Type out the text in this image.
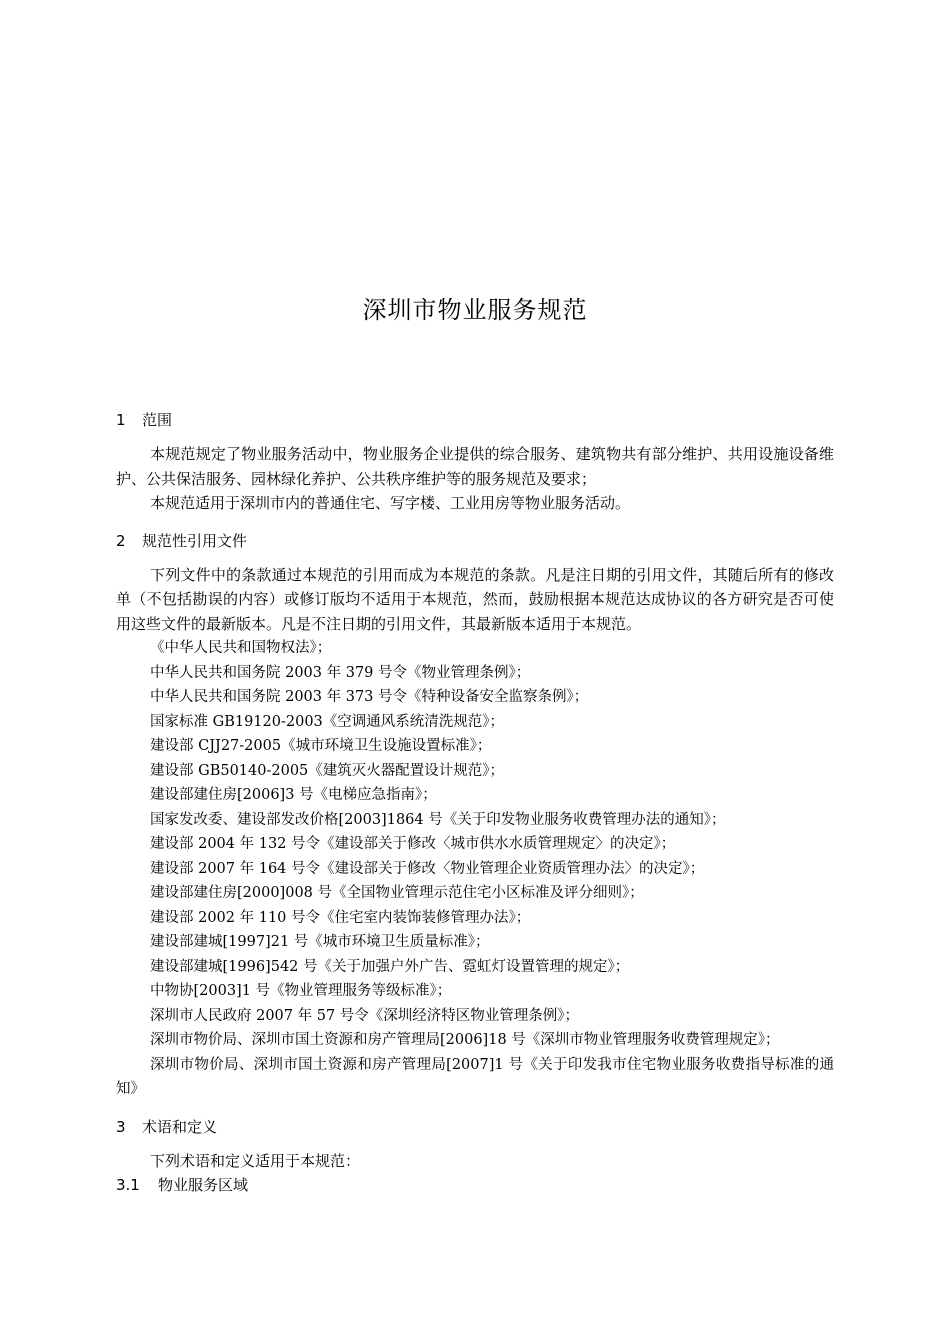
深圳市物业服务规范
1 范围

本规范规定了物业服务活动中，物业服务企业提供的综合服务、建筑物共有部分维护、共用设施设备维护、公共保洁服务、园林绿化养护、公共秩序维护等的服务规范及要求；

本规范适用于深圳市内的普通住宅、写字楼、工业用房等物业服务活动。

2 规范性引用文件

下列文件中的条款通过本规范的引用而成为本规范的条款。凡是注日期的引用文件，其随后所有的修改单（不包括勘误的内容）或修订版均不适用于本规范，然而，鼓励根据本规范达成协议的各方研究是否可使用这些文件的最新版本。凡是不注日期的引用文件，其最新版本适用于本规范。

《中华人民共和国物权法》；

中华人民共和国务院 2003 年 379 号令《物业管理条例》；

中华人民共和国务院 2003 年 373 号令《特种设备安全监察条例》；

国家标准 GB19120-2003《空调通风系统清洗规范》；

建设部 CJJ27-2005《城市环境卫生设施设置标准》；

建设部 GB50140-2005《建筑灭火器配置设计规范》；

建设部建住房[2006]3 号《电梯应急指南》；

国家发改委、建设部发改价格[2003]1864 号《关于印发物业服务收费管理办法的通知》；

建设部 2004 年 132 号令《建设部关于修改〈城市供水水质管理规定〉的决定》；

建设部 2007 年 164 号令《建设部关于修改〈物业管理企业资质管理办法〉的决定》；

建设部建住房[2000]008 号《全国物业管理示范住宅小区标准及评分细则》；

建设部 2002 年 110 号令《住宅室内装饰装修管理办法》；

建设部建城[1997]21 号《城市环境卫生质量标准》；

建设部建城[1996]542 号《关于加强户外广告、霓虹灯设置管理的规定》；

中物协[2003]1 号《物业管理服务等级标准》；

深圳市人民政府 2007 年 57 号令《深圳经济特区物业管理条例》；

深圳市物价局、深圳市国土资源和房产管理局[2006]18 号《深圳市物业管理服务收费管理规定》；

深圳市物价局、深圳市国土资源和房产管理局[2007]1 号《关于印发我市住宅物业服务收费指导标准的通知》

3 术语和定义

下列术语和定义适用于本规范：

3.1 物业服务区域
